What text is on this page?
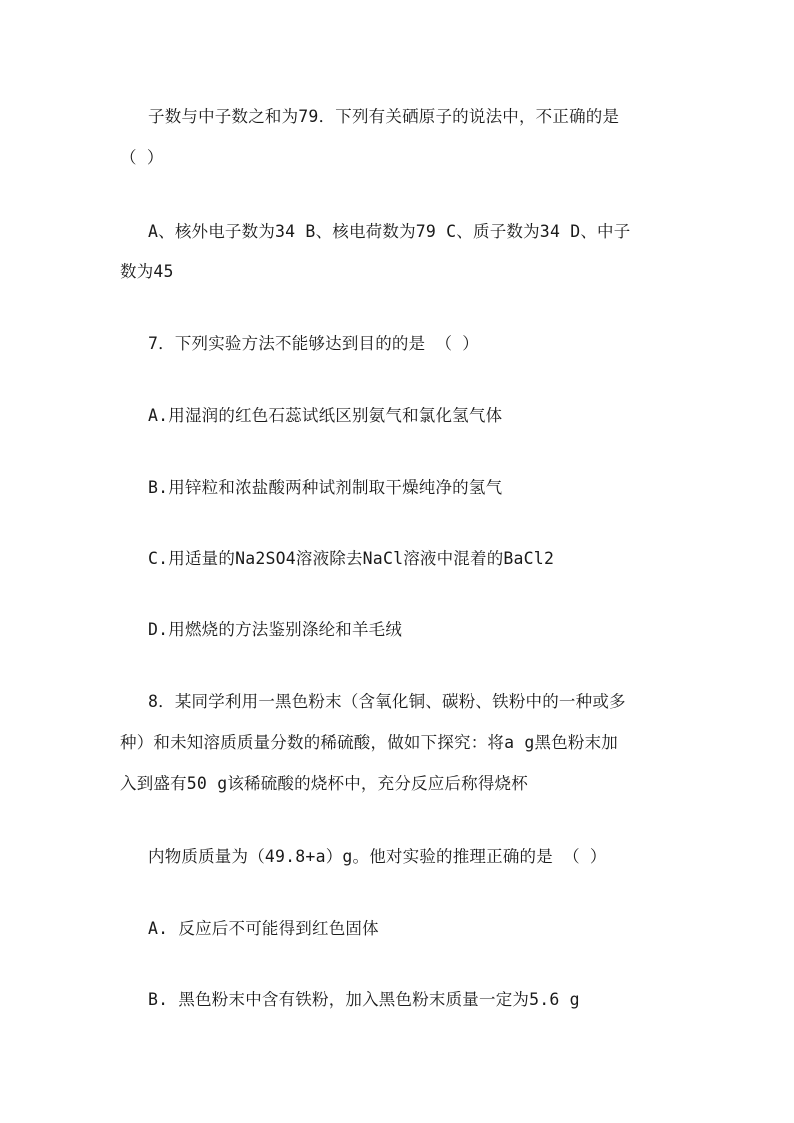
子数与中子数之和为79．下列有关硒原子的说法中，不正确的是
（ ）
A、核外电子数为34 B、核电荷数为79 C、质子数为34 D、中子
数为45
7．下列实验方法不能够达到目的的是 （ ）
A.用湿润的红色石蕊试纸区别氨气和氯化氢气体
B.用锌粒和浓盐酸两种试剂制取干燥纯净的氢气
C.用适量的Na2SO4溶液除去NaCl溶液中混着的BaCl2
D.用燃烧的方法鉴别涤纶和羊毛绒
8．某同学利用一黑色粉末（含氧化铜、碳粉、铁粉中的一种或多
种）和未知溶质质量分数的稀硫酸，做如下探究：将a g黑色粉末加
入到盛有50 g该稀硫酸的烧杯中，充分反应后称得烧杯
内物质质量为（49.8+a）g。他对实验的推理正确的是 （ ）
A. 反应后不可能得到红色固体
B. 黑色粉末中含有铁粉，加入黑色粉末质量一定为5.6 g
